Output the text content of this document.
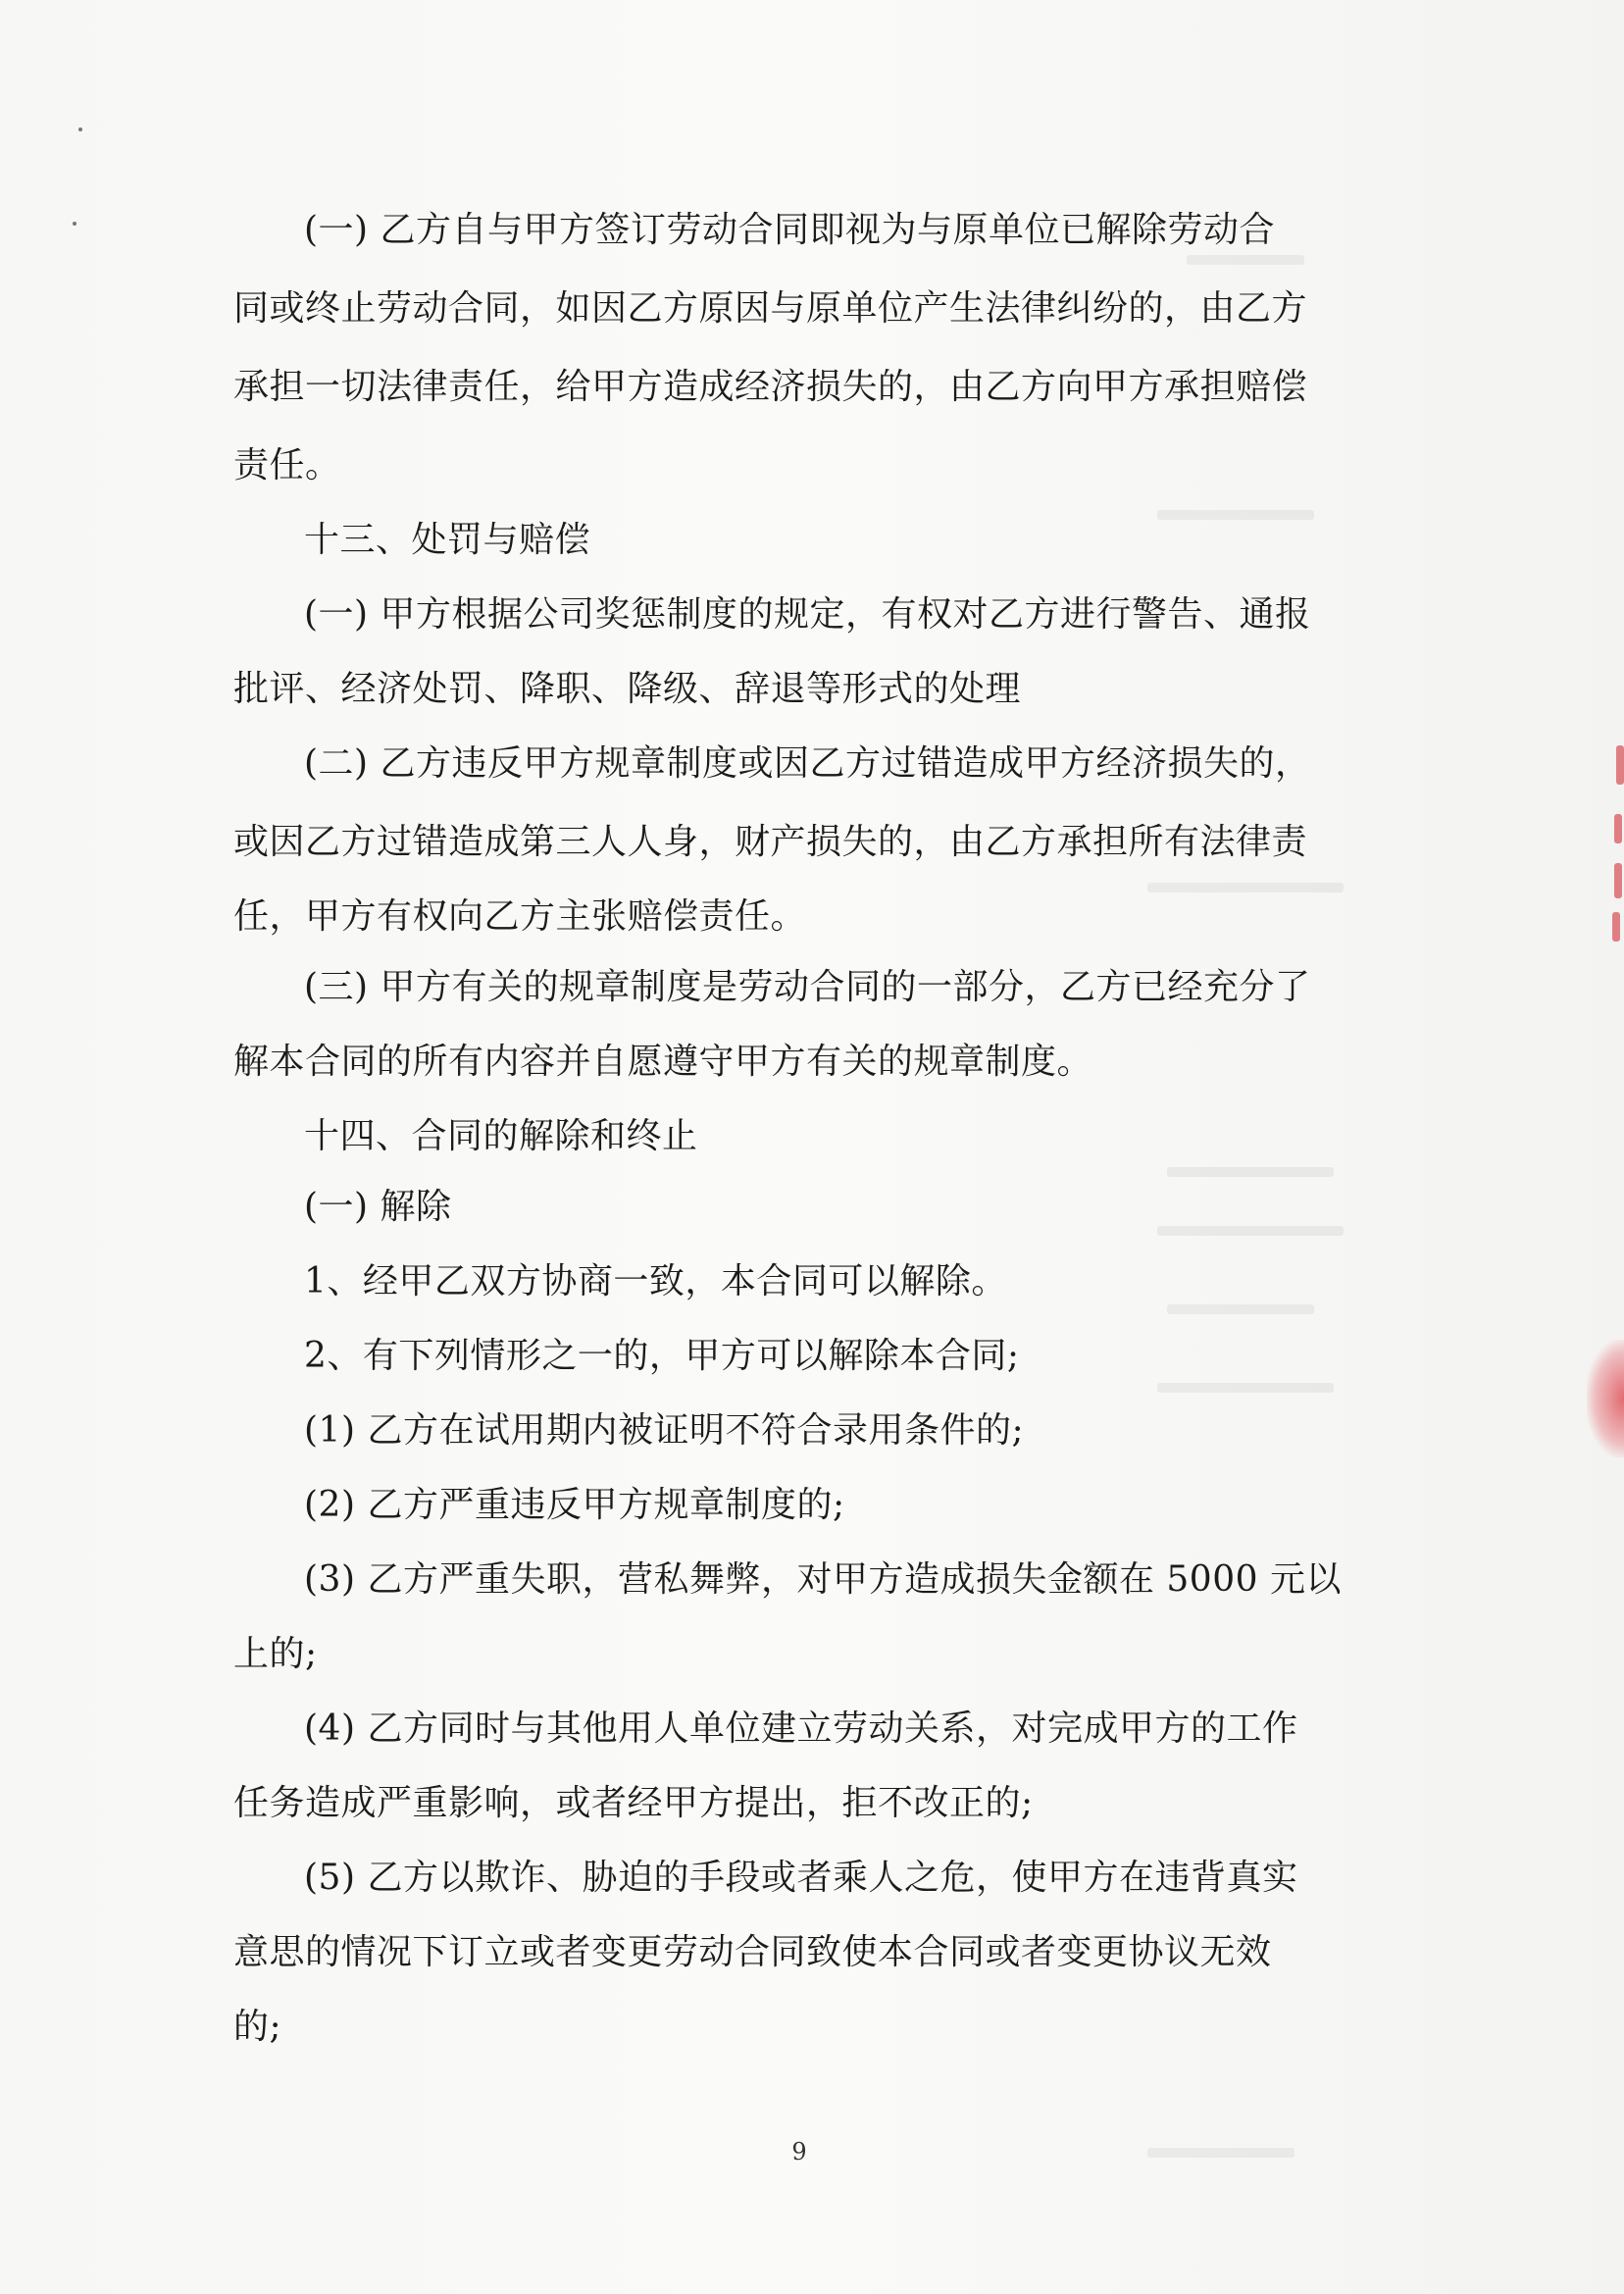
(一) 乙方自与甲方签订劳动合同即视为与原单位已解除劳动合
同或终止劳动合同，如因乙方原因与原单位产生法律纠纷的，由乙方
承担一切法律责任，给甲方造成经济损失的，由乙方向甲方承担赔偿
责任。
十三、处罚与赔偿
(一) 甲方根据公司奖惩制度的规定，有权对乙方进行警告、通报
批评、经济处罚、降职、降级、辞退等形式的处理
(二) 乙方违反甲方规章制度或因乙方过错造成甲方经济损失的，
或因乙方过错造成第三人人身，财产损失的，由乙方承担所有法律责
任，甲方有权向乙方主张赔偿责任。
(三) 甲方有关的规章制度是劳动合同的一部分，乙方已经充分了
解本合同的所有内容并自愿遵守甲方有关的规章制度。
十四、合同的解除和终止
(一) 解除
1、经甲乙双方协商一致，本合同可以解除。
2、有下列情形之一的，甲方可以解除本合同;
(1) 乙方在试用期内被证明不符合录用条件的;
(2) 乙方严重违反甲方规章制度的;
(3) 乙方严重失职，营私舞弊，对甲方造成损失金额在 5000 元以
上的;
(4) 乙方同时与其他用人单位建立劳动关系，对完成甲方的工作
任务造成严重影响，或者经甲方提出，拒不改正的;
(5) 乙方以欺诈、胁迫的手段或者乘人之危，使甲方在违背真实
意思的情况下订立或者变更劳动合同致使本合同或者变更协议无效
的;
9
